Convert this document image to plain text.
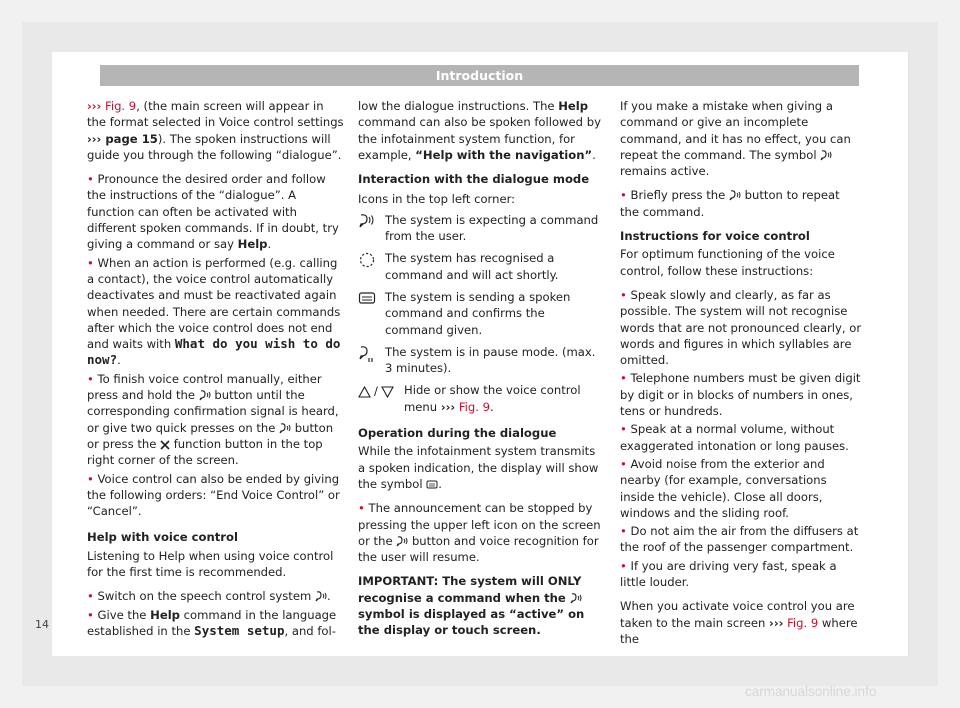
Introduction

››› Fig. 9, (the main screen will appear in the format selected in Voice control settings ››› page 15). The spoken instructions will guide you through the following “dialogue”.

• Pronounce the desired order and follow the instructions of the “dialogue”. A function can often be activated with different spoken commands. If in doubt, try giving a command or say Help.

• When an action is performed (e.g. calling a contact), the voice control automatically deactivates and must be reactivated again when needed. There are certain commands after which the voice control does not end and waits with What do you wish to do now?.

• To finish voice control manually, either press and hold the button until the corresponding confirmation signal is heard, or give two quick presses on the button or press the function button in the top right corner of the screen.

• Voice control can also be ended by giving the following orders: “End Voice Control” or “Cancel”.

Help with voice control

Listening to Help when using voice control for the first time is recommended.

• Switch on the speech control system .

• Give the Help command in the language established in the System setup, and fol-

low the dialogue instructions. The Help command can also be spoken followed by the infotainment system function, for example, “Help with the navigation”.

Interaction with the dialogue mode

Icons in the top left corner:

The system is expecting a command from the user.
The system has recognised a command and will act shortly.
The system is sending a spoken command and confirms the command given.
The system is in pause mode. (max. 3 minutes).
/ Hide or show the voice control menu ››› Fig. 9.
Operation during the dialogue

While the infotainment system transmits a spoken indication, the display will show the symbol .

• The announcement can be stopped by pressing the upper left icon on the screen or the button and voice recognition for the user will resume.

IMPORTANT: The system will ONLY recognise a command when the  symbol is displayed as “active” on the display or touch screen.

If you make a mistake when giving a command or give an incomplete command, and it has no effect, you can repeat the command. The symbol  remains active.

• Briefly press the button to repeat the command.

Instructions for voice control

For optimum functioning of the voice control, follow these instructions:

• Speak slowly and clearly, as far as possible. The system will not recognise words that are not pronounced clearly, or words and figures in which syllables are omitted.

• Telephone numbers must be given digit by digit or in blocks of numbers in ones, tens or hundreds.

• Speak at a normal volume, without exaggerated intonation or long pauses.

• Avoid noise from the exterior and nearby (for example, conversations inside the vehicle). Close all doors, windows and the sliding roof.

• Do not aim the air from the diffusers at the roof of the passenger compartment.

• If you are driving very fast, speak a little louder.

When you activate voice control you are taken to the main screen ››› Fig. 9 where the

14
carmanualsonline.info
